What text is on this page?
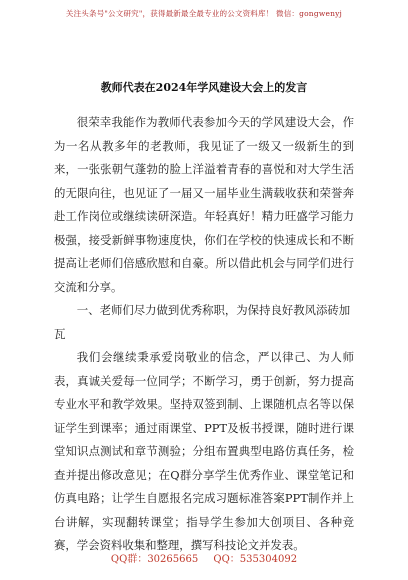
关注头条号"公文研究"，获得最新最全最专业的公文资料库！ 微信：gongwenyj
教师代表在2024年学风建设大会上的发言

很荣幸我能作为教师代表参加今天的学风建设大会，作为一名从教多年的老教师，我见证了一级又一级新生的到来，一张张朝气蓬勃的脸上洋溢着青春的喜悦和对大学生活的无限向往，也见证了一届又一届毕业生满载收获和荣誉奔赴工作岗位或继续读研深造。年轻真好！精力旺盛学习能力极强，接受新鲜事物速度快，你们在学校的快速成长和不断提高让老师们倍感欣慰和自豪。所以借此机会与同学们进行交流和分享。

一、老师们尽力做到优秀称职，为保持良好教风添砖加瓦

我们会继续秉承爱岗敬业的信念，严以律己、为人师表，真诚关爱每一位同学；不断学习，勇于创新，努力提高专业水平和教学效果。坚持双签到制、上课随机点名等以保证学生到课率；通过雨课堂、PPT及板书授课，随时进行课堂知识点测试和章节测验；分组布置典型电路仿真任务，检查并提出修改意见；在Q群分享学生优秀作业、课堂笔记和仿真电路；让学生自愿报名完成习题标准答案PPT制作并上台讲解，实现翻转课堂；指导学生参加大创项目、各种竞赛，学会资料收集和整理，撰写科技论文并发表。

QQ群：30265665 QQ：535304092
